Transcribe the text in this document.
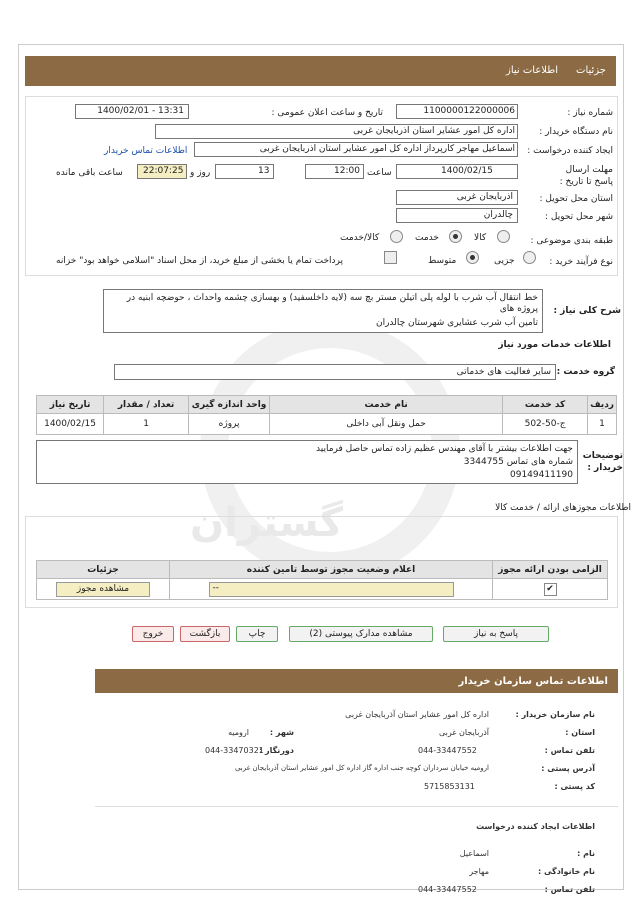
جزئیات
اطلاعات نیاز
گستران
شماره نیاز :
1100000122000006
تاریخ و ساعت اعلان عمومی :
1400/02/01 - 13:31
نام دستگاه خریدار :
اداره کل امور عشایر استان آذربایجان غربی
ایجاد کننده درخواست :
اسماعیل مهاجر کارپرداز اداره کل امور عشایر استان آذربایجان غربی
اطلاعات تماس خریدار
مهلت ارسال پاسخ تا تاریخ :
1400/02/15
ساعت
12:00
13
روز و
22:07:25
ساعت باقی مانده
استان محل تحویل :
آذربایجان غربی
شهر محل تحویل :
چالدران
طبقه بندی موضوعی :
کالا
خدمت
کالا/خدمت
نوع فرآیند خرید :
جزیی
متوسط
پرداخت تمام یا بخشی از مبلغ خرید، از محل اسناد "اسلامی خواهد بود" خزانه
شرح کلی نیاز :
خط انتقال آب شرب با لوله پلی اتیلن مستر بچ سه (لایه داخلسفید) و بهسازی چشمه واحداث ، حوضچه ابنیه در پروژه های
تامین آب شرب عشایری شهرستان چالدران
اطلاعات خدمات مورد نیاز
گروه خدمت :
سایر فعالیت های خدماتی
ردیف	کد خدمت	نام خدمت	واحد اندازه گیری	تعداد / مقدار	تاریخ نیاز
1	ج-50-502	حمل ونقل آبی داخلی	پروژه	1	1400/02/15
توضیحات خریدار :
جهت اطلاعات بیشتر با آقای مهندس عظیم زاده تماس حاصل فرمایید
شماره های تماس 3344755
09149411190
اطلاعات مجوزهای ارائه / خدمت کالا
الزامی بودن ارائه مجوز	اعلام وضعیت مجوز توسط تامین کننده	جزئیات
✔	--	مشاهده مجوز
پاسخ به نیاز
مشاهده مدارک پیوستی (2)
چاپ
بازگشت
خروج
اطلاعات تماس سازمان خریدار
نام سازمان خریدار :
اداره کل امور عشایر استان آذربایجان غربی
استان :
آذربایجان غربی
شهر :
ارومیه
تلفن تماس :
044-33447552
دورنگار :
044-33470321
آدرس پستی :
ارومیه خیابان سرداران کوچه جنب اداره گاز اداره کل امور عشایر استان آذربایجان غربی
کد پستی :
5715853131
اطلاعات ایجاد کننده درخواست
نام :
اسماعیل
نام خانوادگی :
مهاجر
تلفن تماس :
044-33447552
